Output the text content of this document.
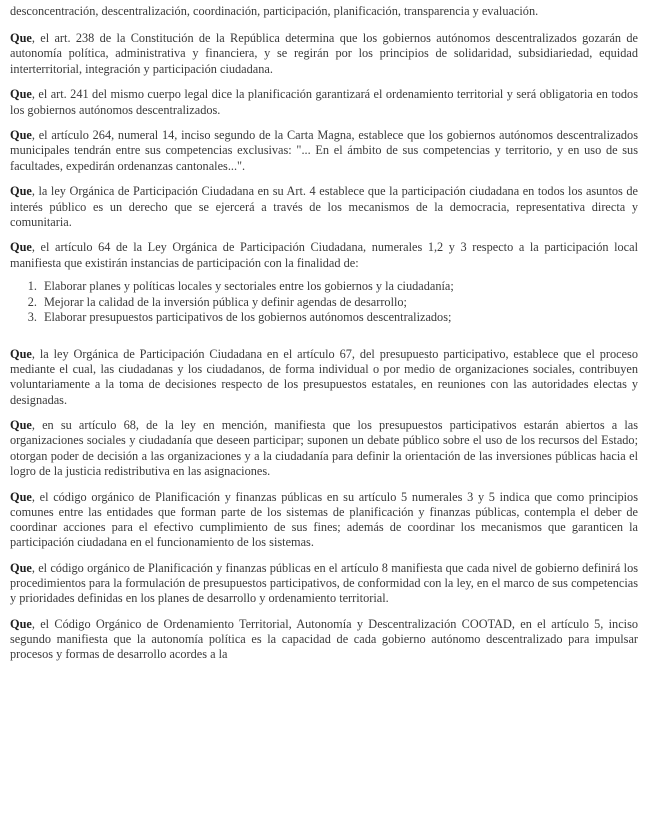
desconcentración, descentralización, coordinación, participación, planificación, transparencia y evaluación.

Que, el art. 238 de la Constitución de la República determina que los gobiernos autónomos descentralizados gozarán de autonomía política, administrativa y financiera, y se regirán por los principios de solidaridad, subsidiariedad, equidad interterritorial, integración y participación ciudadana.

Que, el art. 241 del mismo cuerpo legal dice la planificación garantizará el ordenamiento territorial y será obligatoria en todos los gobiernos autónomos descentralizados.

Que, el artículo 264, numeral 14, inciso segundo de la Carta Magna, establece que los gobiernos autónomos descentralizados municipales tendrán entre sus competencias exclusivas: "... En el ámbito de sus competencias y territorio, y en uso de sus facultades, expedirán ordenanzas cantonales...".

Que, la ley Orgánica de Participación Ciudadana en su Art. 4 establece que la participación ciudadana en todos los asuntos de interés público es un derecho que se ejercerá a través de los mecanismos de la democracia, representativa directa y comunitaria.

Que, el artículo 64 de la Ley Orgánica de Participación Ciudadana, numerales 1,2 y 3 respecto a la participación local manifiesta que existirán instancias de participación con la finalidad de:

1. Elaborar planes y políticas locales y sectoriales entre los gobiernos y la ciudadanía;
2. Mejorar la calidad de la inversión pública y definir agendas de desarrollo;
3. Elaborar presupuestos participativos de los gobiernos autónomos descentralizados;

Que, la ley Orgánica de Participación Ciudadana en el artículo 67, del presupuesto participativo, establece que el proceso mediante el cual, las ciudadanas y los ciudadanos, de forma individual o por medio de organizaciones sociales, contribuyen voluntariamente a la toma de decisiones respecto de los presupuestos estatales, en reuniones con las autoridades electas y designadas.

Que, en su artículo 68, de la ley en mención, manifiesta que los presupuestos participativos estarán abiertos a las organizaciones sociales y ciudadanía que deseen participar; suponen un debate público sobre el uso de los recursos del Estado; otorgan poder de decisión a las organizaciones y a la ciudadanía para definir la orientación de las inversiones públicas hacia el logro de la justicia redistributiva en las asignaciones.

Que, el código orgánico de Planificación y finanzas públicas en su artículo 5 numerales 3 y 5 indica que como principios comunes entre las entidades que forman parte de los sistemas de planificación y finanzas públicas, contempla el deber de coordinar acciones para el efectivo cumplimiento de sus fines; además de coordinar los mecanismos que garanticen la participación ciudadana en el funcionamiento de los sistemas.

Que, el código orgánico de Planificación y finanzas públicas en el artículo 8 manifiesta que cada nivel de gobierno definirá los procedimientos para la formulación de presupuestos participativos, de conformidad con la ley, en el marco de sus competencias y prioridades definidas en los planes de desarrollo y ordenamiento territorial.

Que, el Código Orgánico de Ordenamiento Territorial, Autonomía y Descentralización COOTAD, en el artículo 5, inciso segundo manifiesta que la autonomía política es la capacidad de cada gobierno autónomo descentralizado para impulsar procesos y formas de desarrollo acordes a la
